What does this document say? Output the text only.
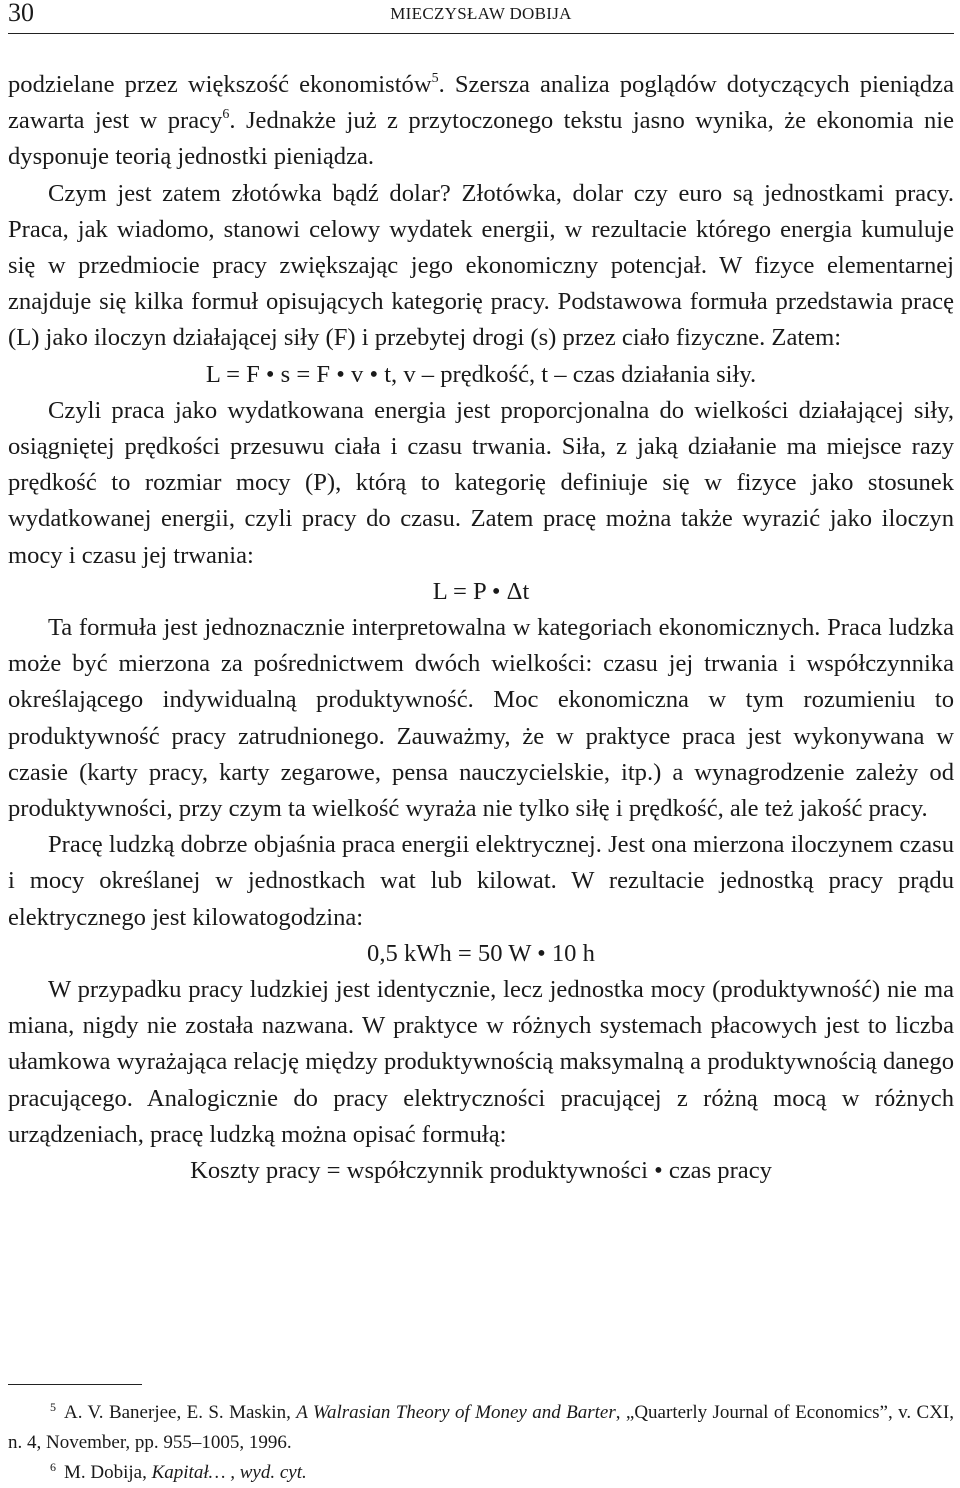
30	MIECZYSŁAW DOBIJA

podzielane przez większość ekonomistów$^5$. Szersza analiza poglądów dotyczących pieniądza zawarta jest w pracy$^6$. Jednakże już z przytoczonego tekstu jasno wynika, że ekonomia nie dysponuje teorią jednostki pieniądza.

Czym jest zatem złotówka bądź dolar? Złotówka, dolar czy euro są jednostkami pracy. Praca, jak wiadomo, stanowi celowy wydatek energii, w rezultacie którego energia kumuluje się w przedmiocie pracy zwiększając jego ekonomiczny potencjał. W fizyce elementarnej znajduje się kilka formuł opisujących kategorię pracy. Podstawowa formuła przedstawia pracę (L) jako iloczyn działającej siły (F) i przebytej drogi (s) przez ciało fizyczne. Zatem:

L = F • s = F • v • t, v – prędkość, t – czas działania siły.

Czyli praca jako wydatkowana energia jest proporcjonalna do wielkości działającej siły, osiągniętej prędkości przesuwu ciała i czasu trwania. Siła, z jaką działanie ma miejsce razy prędkość to rozmiar mocy (P), którą to kategorię definiuje się w fizyce jako stosunek wydatkowanej energii, czyli pracy do czasu. Zatem pracę można także wyrazić jako iloczyn mocy i czasu jej trwania:

L = P • Δt

Ta formuła jest jednoznacznie interpretowalna w kategoriach ekonomicznych. Praca ludzka może być mierzona za pośrednictwem dwóch wielkości: czasu jej trwania i współczynnika określającego indywidualną produktywność. Moc ekonomiczna w tym rozumieniu to produktywność pracy zatrudnionego. Zauważmy, że w praktyce praca jest wykonywana w czasie (karty pracy, karty zegarowe, pensa nauczycielskie, itp.) a wynagrodzenie zależy od produktywności, przy czym ta wielkość wyraża nie tylko siłę i prędkość, ale też jakość pracy.

Pracę ludzką dobrze objaśnia praca energii elektrycznej. Jest ona mierzona iloczynem czasu i mocy określanej w jednostkach wat lub kilowat. W rezultacie jednostką pracy prądu elektrycznego jest kilowatogodzina:

0,5 kWh = 50 W • 10 h

W przypadku pracy ludzkiej jest identycznie, lecz jednostka mocy (produktywność) nie ma miana, nigdy nie została nazwana. W praktyce w różnych systemach płacowych jest to liczba ułamkowa wyrażająca relację między produktywnością maksymalną a produktywnością danego pracującego. Analogicznie do pracy elektryczności pracującej z różną mocą w różnych urządzeniach, pracę ludzką można opisać formułą:

Koszty pracy = współczynnik produktywności • czas pracy

$^5$ A. V. Banerjee, E. S. Maskin, A Walrasian Theory of Money and Barter, „Quarterly Journal of Economics”, v. CXI, n. 4, November, pp. 955–1005, 1996.

$^6$ M. Dobija, Kapitał… , wyd. cyt.
